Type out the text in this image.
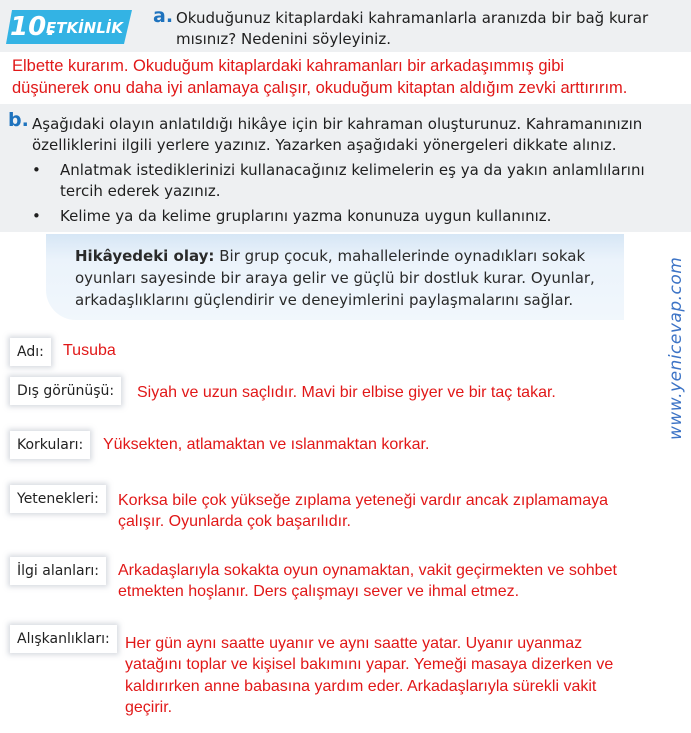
10.
ETKİNLİK
a. Okuduğunuz kitaplardaki kahramanlarla aranızda bir bağ kurar
mısınız? Nedenini söyleyiniz.
Elbette kurarım. Okuduğum kitaplardaki kahramanları bir arkadaşımmış gibi
düşünerek onu daha iyi anlamaya çalışır, okuduğum kitaptan aldığım zevki arttırırım.
b. Aşağıdaki olayın anlatıldığı hikâye için bir kahraman oluşturunuz. Kahramanınızın
özelliklerini ilgili yerlere yazınız. Yazarken aşağıdaki yönergeleri dikkate alınız.
• Anlatmak istediklerinizi kullanacağınız kelimelerin eş ya da yakın anlamlılarını
tercih ederek yazınız.
• Kelime ya da kelime gruplarını yazma konunuza uygun kullanınız.
Hikâyedeki olay: Bir grup çocuk, mahallelerinde oynadıkları sokak
oyunları sayesinde bir araya gelir ve güçlü bir dostluk kurar. Oyunlar,
arkadaşlıklarını güçlendirir ve deneyimlerini paylaşmalarını sağlar.	www.yenicevap.com
Adı:	Tusuba
Dış görünüşü:	Siyah ve uzun saçlıdır. Mavi bir elbise giyer ve bir taç takar.
Korkuları:	Yüksekten, atlamaktan ve ıslanmaktan korkar.
Yetenekleri:	Korksa bile çok yükseğe zıplama yeteneği vardır ancak zıplamamaya
çalışır. Oyunlarda çok başarılıdır.
İlgi alanları:	Arkadaşlarıyla sokakta oyun oynamaktan, vakit geçirmekten ve sohbet
etmekten hoşlanır. Ders çalışmayı sever ve ihmal etmez.
Alışkanlıkları: Her gün aynı saatte uyanır ve aynı saatte yatar. Uyanır uyanmaz
yatağını toplar ve kişisel bakımını yapar. Yemeği masaya dizerken ve
kaldırırken anne babasına yardım eder. Arkadaşlarıyla sürekli vakit
geçirir.
